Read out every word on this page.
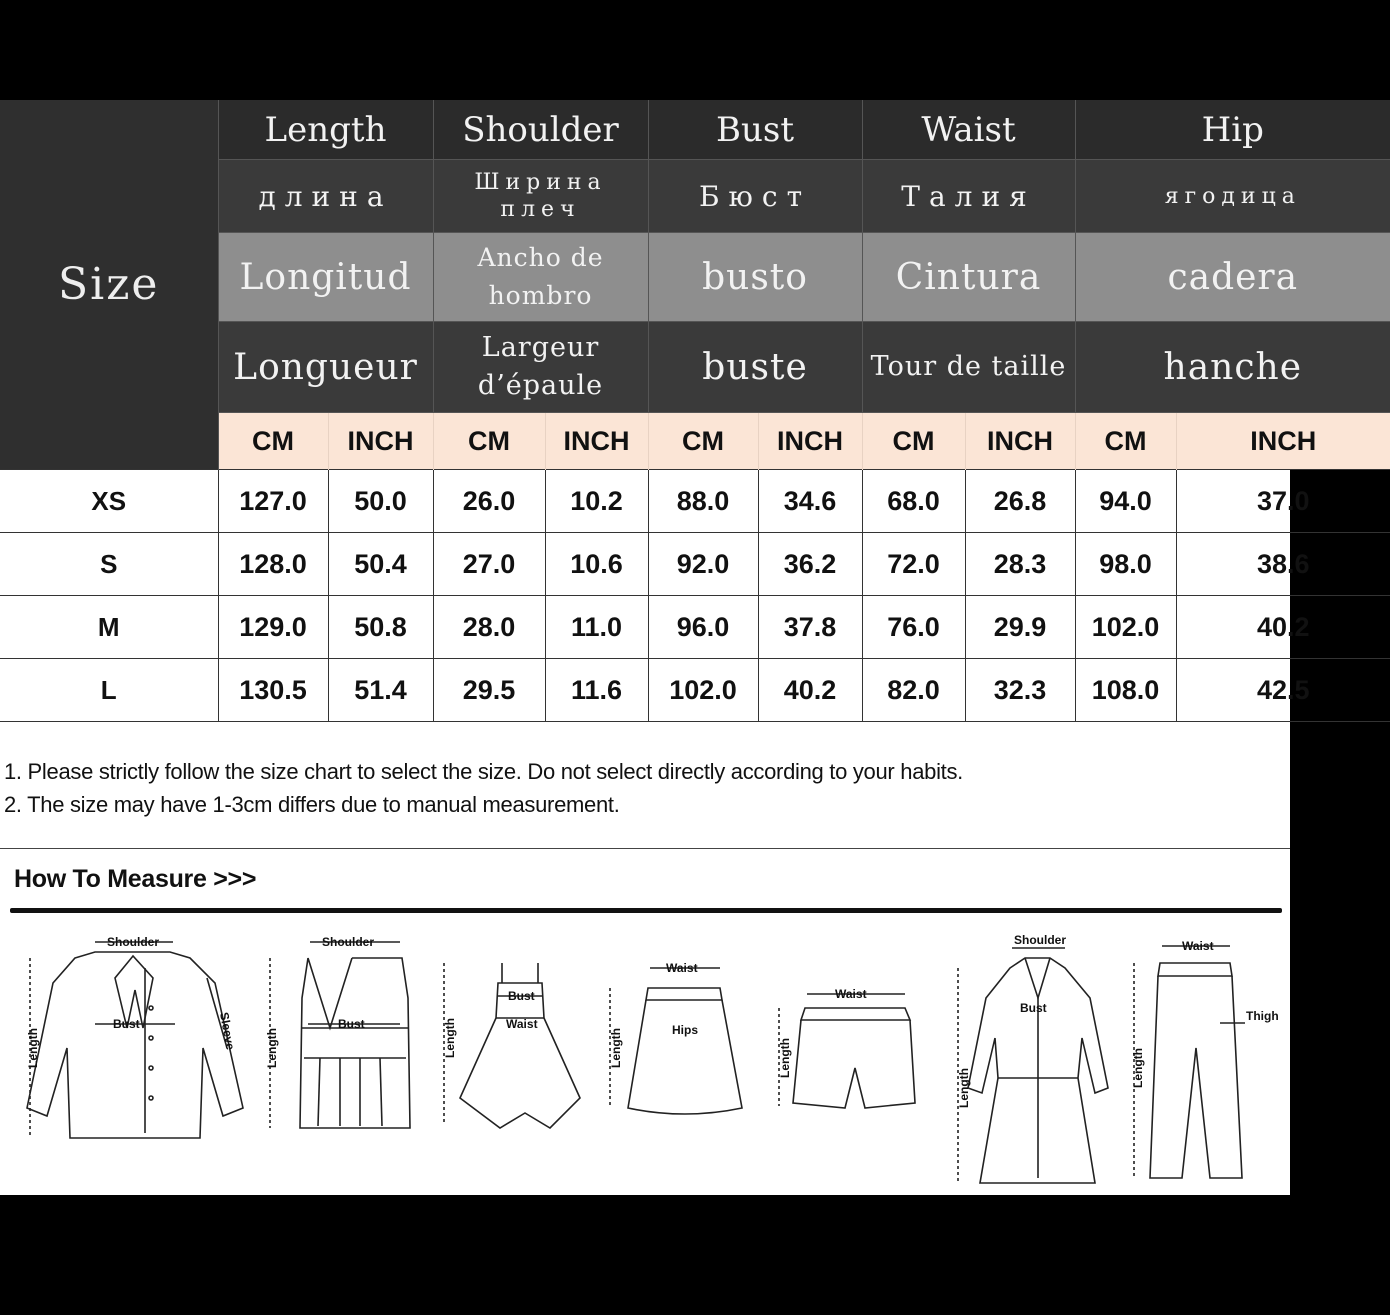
Size	Length		Shoulder		Bust		Waist		Hip	
	длина		Ширина плеч		Бюст		Талия		ягодица	
	Longitud		Ancho de hombro		busto		Cintura		cadera	
	Longueur		Largeur d’épaule		buste		Tour de taille		hanche	
	CM	INCH	CM	INCH	CM	INCH	CM	INCH	CM	INCH
XS	127.0	50.0	26.0	10.2	88.0	34.6	68.0	26.8	94.0	37.0
S	128.0	50.4	27.0	10.6	92.0	36.2	72.0	28.3	98.0	38.6
M	129.0	50.8	28.0	11.0	96.0	37.8	76.0	29.9	102.0	40.2
L	130.5	51.4	29.5	11.6	102.0	40.2	82.0	32.3	108.0	42.5
1. Please strictly follow the size chart to select the size. Do not select directly according to your habits.
2. The size may have 1-3cm differs due to manual measurement.
How To Measure >>>
Shoulder
Bust
Length	Sleeve
Shoulder
Bust
Length
Bust
Waist
Length
Waist
Hips
Length
Waist
Length
Shoulder
Bust
Length
Waist
Thigh
Length
